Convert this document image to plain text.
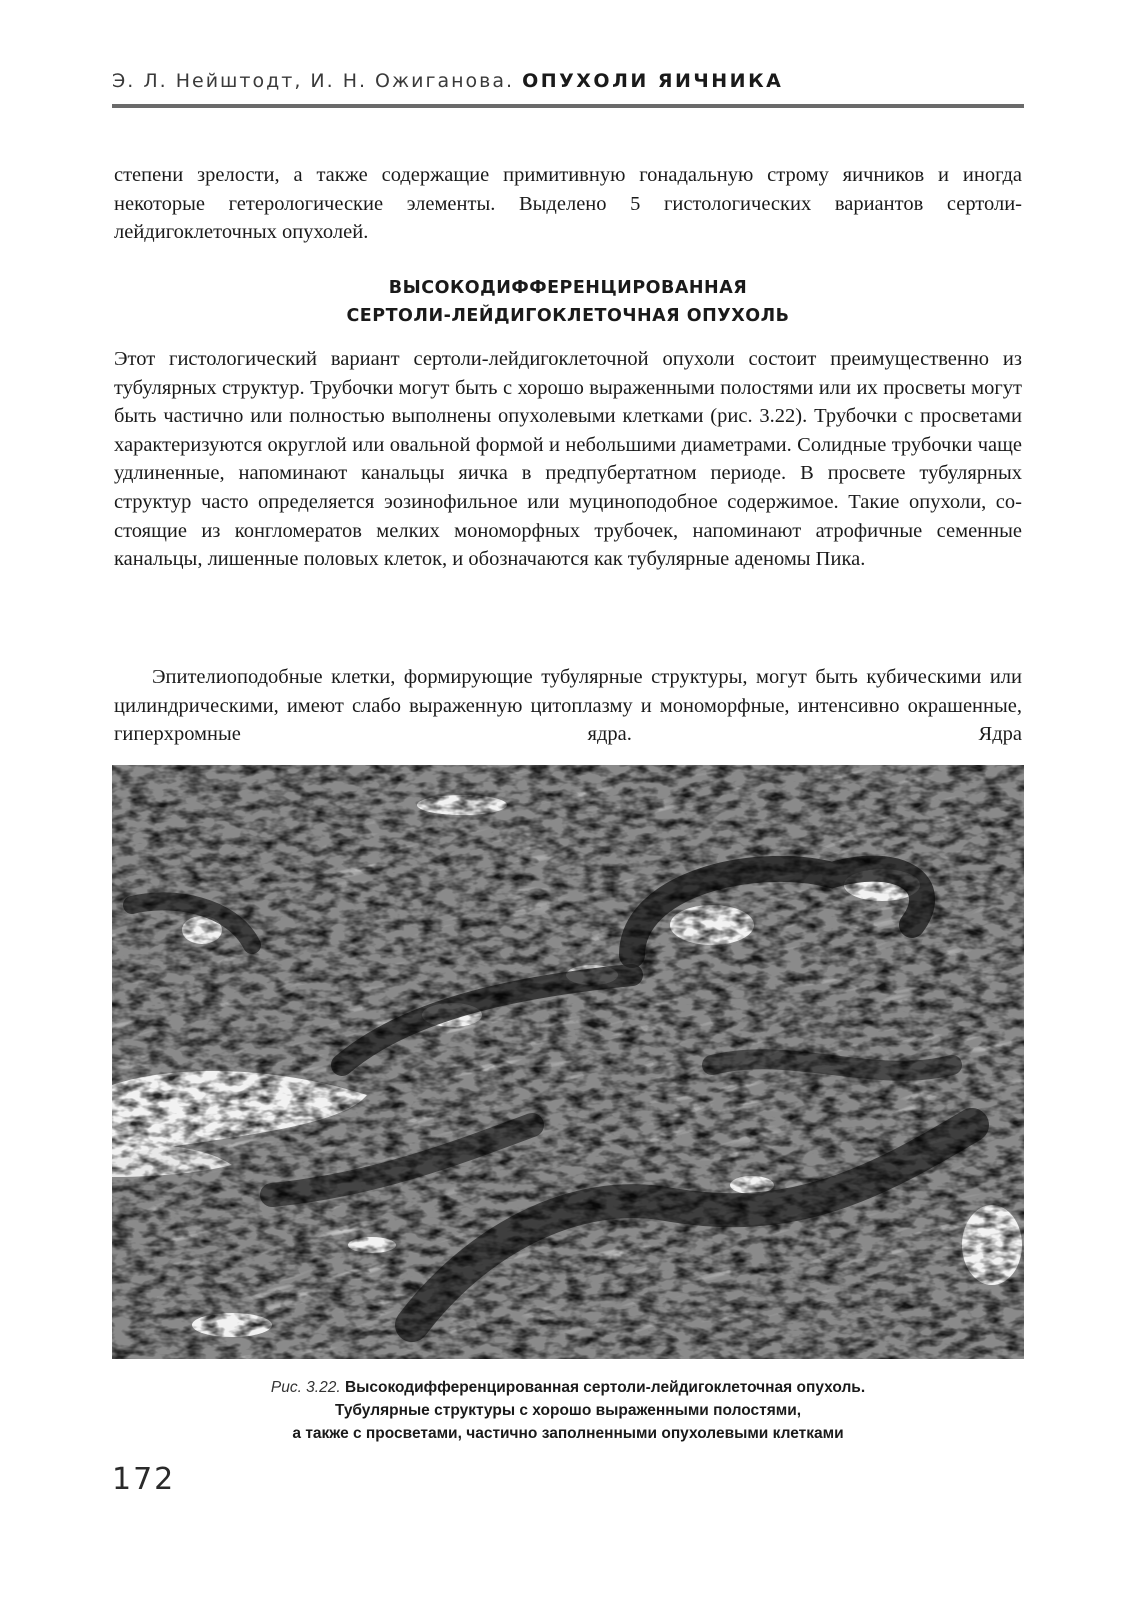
Э. Л. Нейштодт, И. Н. Ожиганова. ОПУХОЛИ ЯИЧНИКА
степени зрелости, а также содержащие примитивную гонадальную строму яичников и иногда некоторые гетерологические элементы. Выделено 5 гистологических вариантов сертоли-лейдигоклеточных опухолей.
ВЫСОКОДИФФЕРЕНЦИРОВАННАЯ
СЕРТОЛИ-ЛЕЙДИГОКЛЕТОЧНАЯ ОПУХОЛЬ
Этот гистологический вариант сертоли-лейдигоклеточной опухоли состоит преимущественно из тубулярных структур. Трубочки могут быть с хорошо выраженными полостями или их просветы могут быть частично или полностью выполнены опухолевыми клетками (рис. 3.22). Трубочки с просветами характеризуются округлой или овальной формой и небольшими диаметрами. Солидные трубочки чаще удлиненные, напоминают канальцы яичка в предпубертатном периоде. В просвете тубулярных структур часто определяется эозинофильное или муциноподобное содержимое. Такие опухоли, состоящие из конгломератов мелких мономорфных трубочек, напоминают атрофичные семенные канальцы, лишенные половых клеток, и обозначаются как тубулярные аденомы Пика.
Эпителиоподобные клетки, формирующие тубулярные структуры, могут быть кубическими или цилиндрическими, имеют слабо выраженную цитоплазму и мономорфные, интенсивно окрашенные, гиперхромные ядра. Ядра
Рис. 3.22. Высокодифференцированная сертоли-лейдигоклеточная опухоль.
Тубулярные структуры с хорошо выраженными полостями,
а также с просветами, частично заполненными опухолевыми клетками
172
